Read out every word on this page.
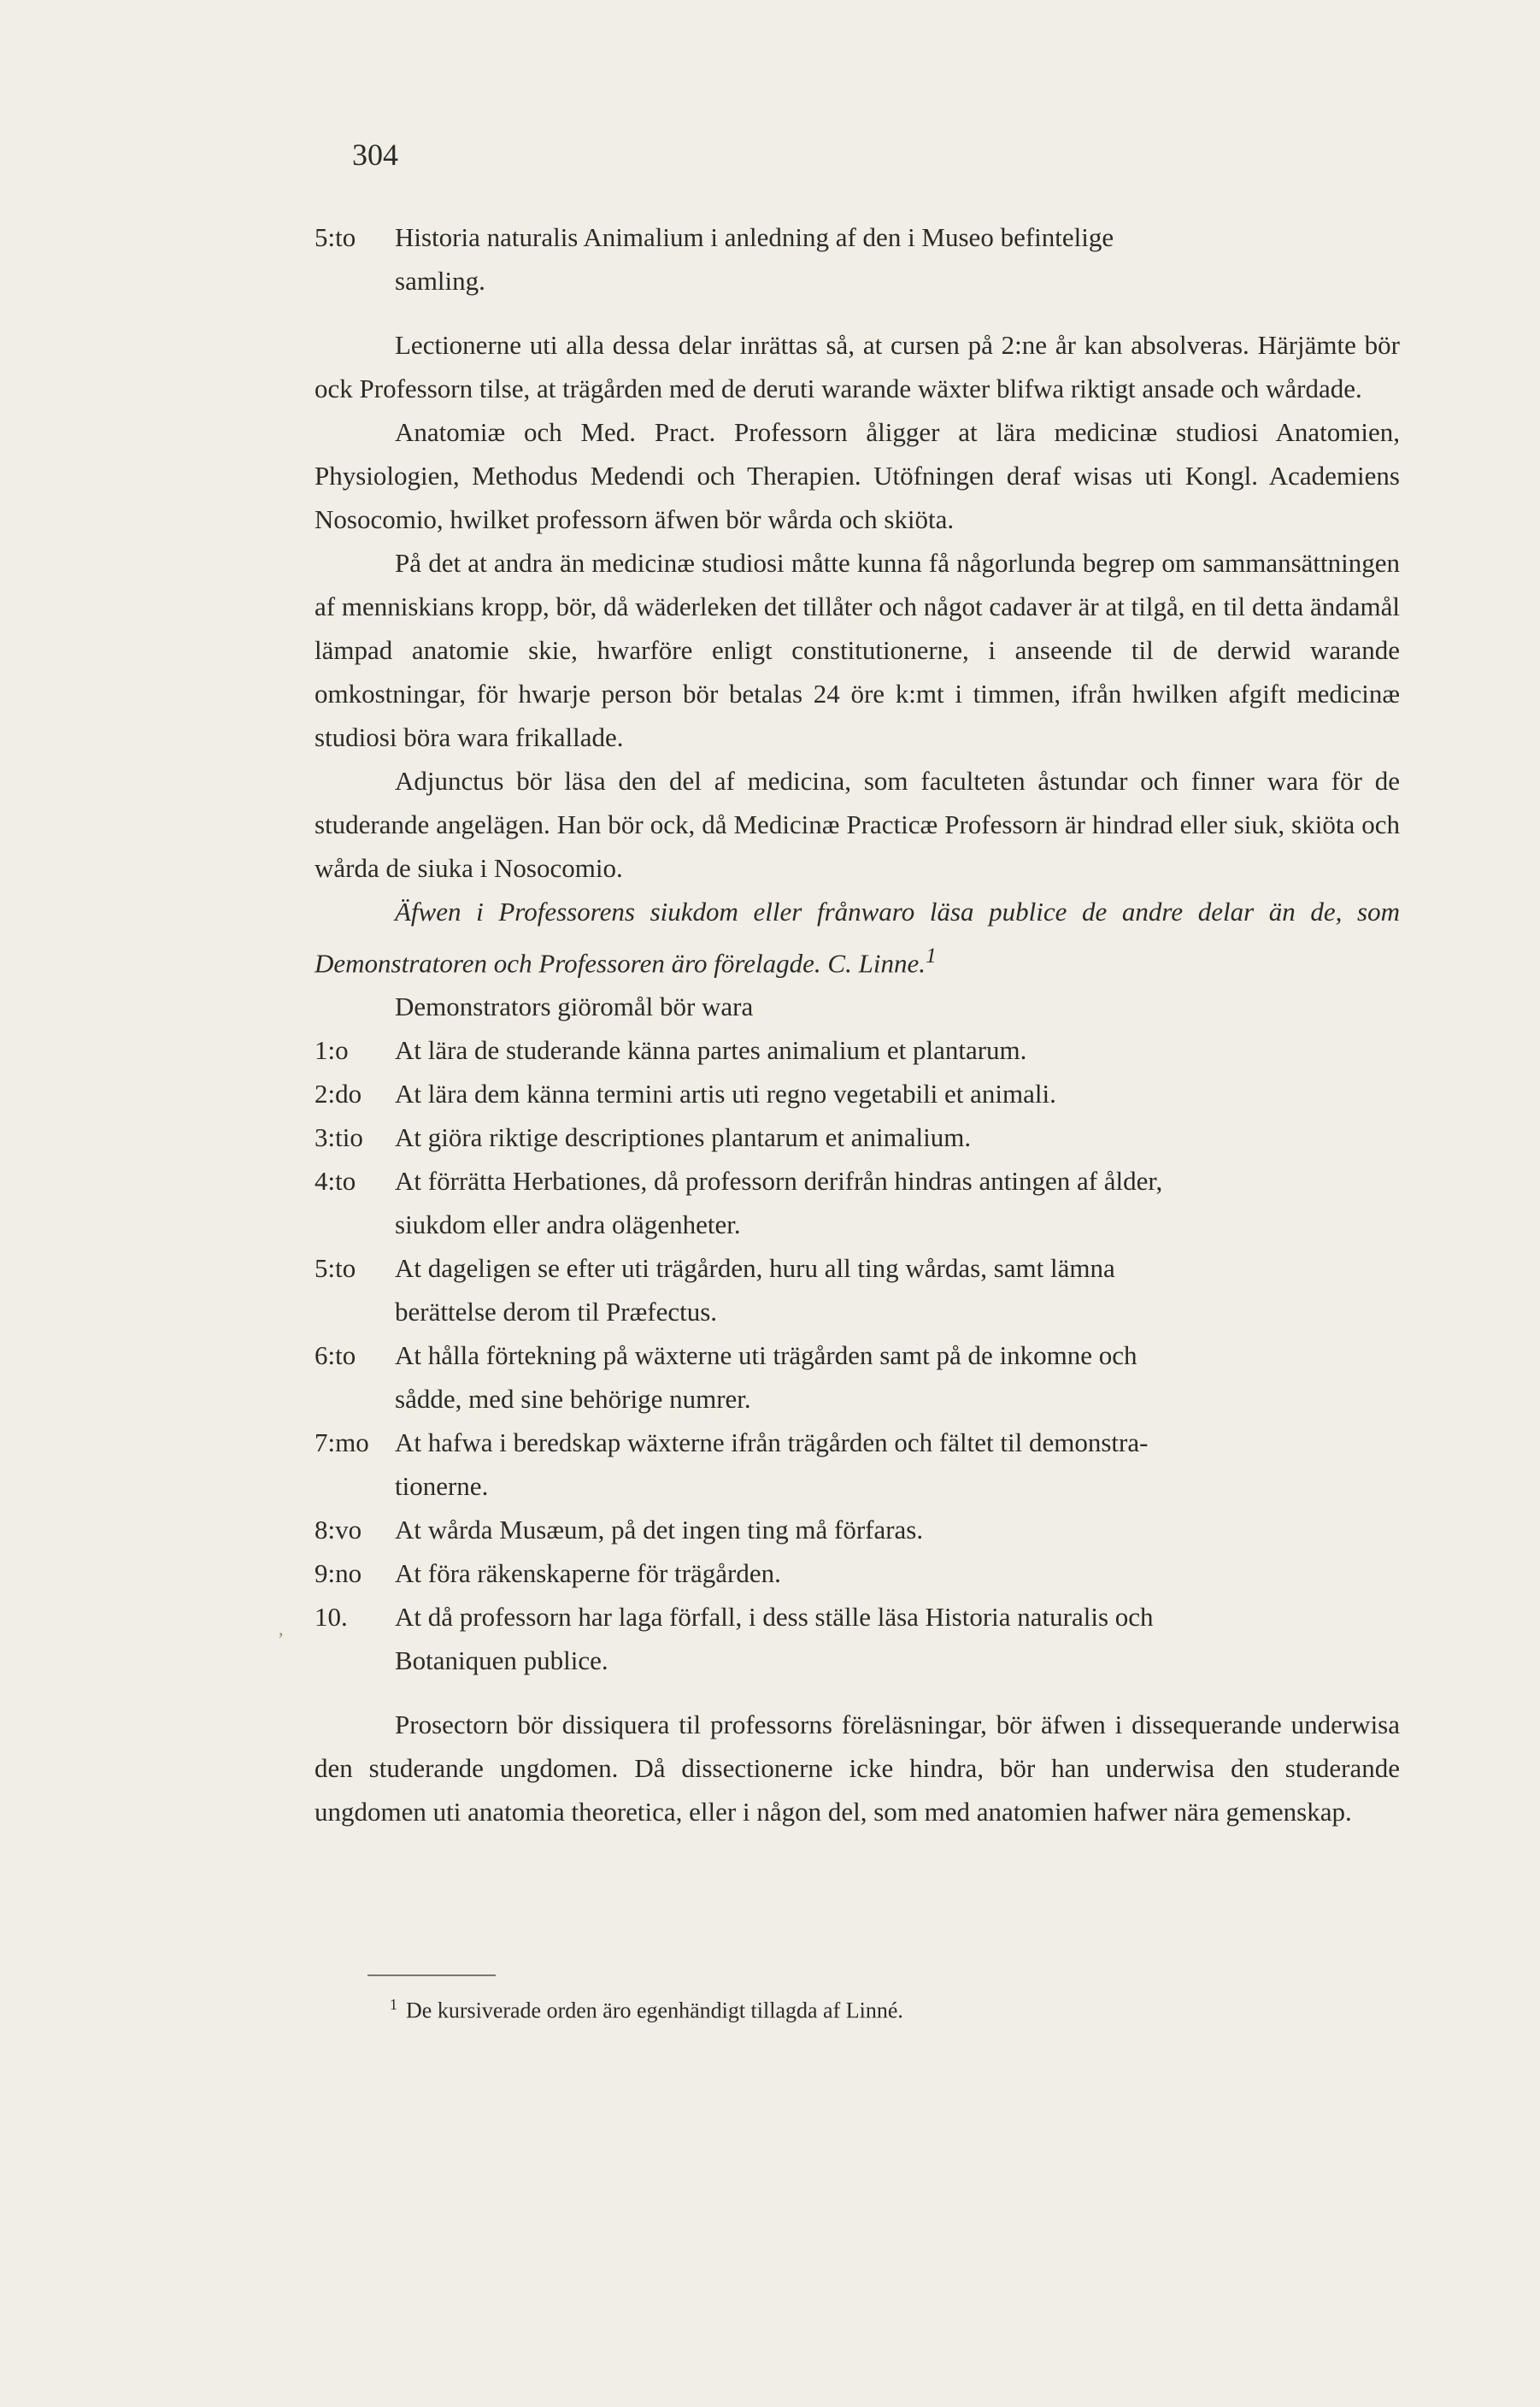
304
5:to	Historia naturalis Animalium i anledning af den i Museo befintelige
samling.

Lectionerne uti alla dessa delar inrättas så, at cursen på 2:ne år kan absolveras. Härjämte bör ock Professorn tilse, at trägården med de deruti warande wäxter blifwa riktigt ansade och wårdade.

Anatomiæ och Med. Pract. Professorn åligger at lära medicinæ studiosi Anatomien, Physiologien, Methodus Medendi och Therapien. Utöfningen deraf wisas uti Kongl. Academiens Nosocomio, hwilket professorn äfwen bör wårda och skiöta.

På det at andra än medicinæ studiosi måtte kunna få någorlunda begrep om sammansättningen af menniskians kropp, bör, då wäderleken det tillåter och något cadaver är at tilgå, en til detta ändamål lämpad anatomie skie, hwarföre enligt constitutionerne, i anseende til de derwid warande omkostningar, för hwarje person bör betalas 24 öre k:mt i timmen, ifrån hwilken afgift medicinæ studiosi böra wara frikallade.

Adjunctus bör läsa den del af medicina, som faculteten åstundar och finner wara för de studerande angelägen. Han bör ock, då Medicinæ Practicæ Professorn är hindrad eller siuk, skiöta och wårda de siuka i Nosocomio.

Äfwen i Professorens siukdom eller frånwaro läsa publice de andre delar än de, som Demonstratoren och Professoren äro förelagde. C. Linne.$^1$

Demonstrators giöromål bör wara

1:o	At lära de studerande känna partes animalium et plantarum.
2:do	At lära dem känna termini artis uti regno vegetabili et animali.
3:tio	At giöra riktige descriptiones plantarum et animalium.
4:to	At förrätta Herbationes, då professorn derifrån hindras antingen af ålder,
siukdom eller andra olägenheter.
5:to	At dageligen se efter uti trägården, huru all ting wårdas, samt lämna
berättelse derom til Præfectus.
6:to	At hålla förtekning på wäxterne uti trägården samt på de inkomne och
sådde, med sine behörige numrer.
7:mo At hafwa i beredskap wäxterne ifrån trägården och fältet til demonstra-
tionerne.
8:vo	At wårda Musæum, på det ingen ting må förfaras.
9:no	At föra räkenskaperne för trägården.
10.	At då professorn har laga förfall, i dess ställe läsa Historia naturalis och
Botaniquen publice.

Prosectorn bör dissiquera til professorns föreläsningar, bör äfwen i dissequerande underwisa den studerande ungdomen. Då dissectionerne icke hindra, bör han underwisa den studerande ungdomen uti anatomia theoretica, eller i någon del, som med anatomien hafwer nära gemenskap.

,
$^1$ De kursiverade orden äro egenhändigt tillagda af Linné.
